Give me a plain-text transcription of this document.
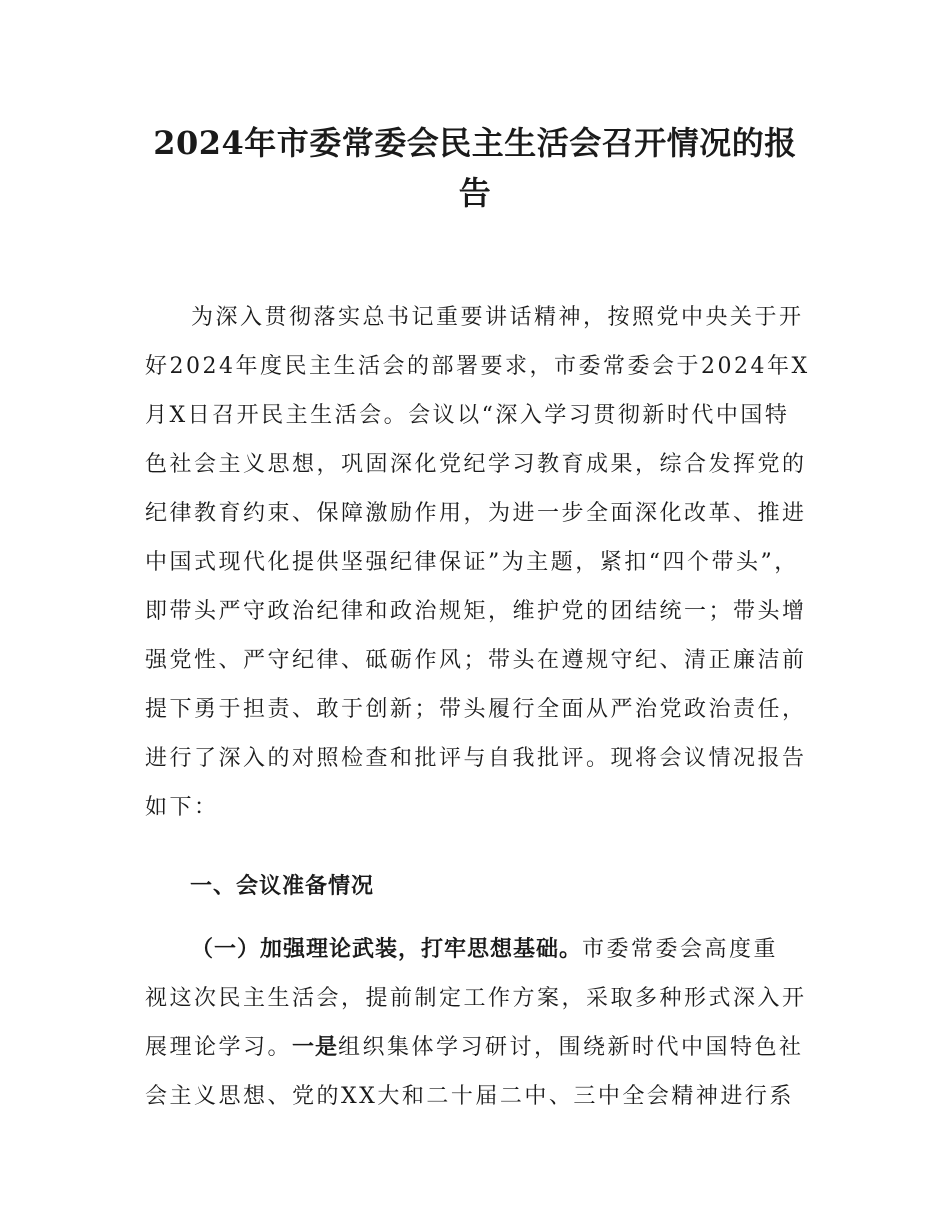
2024年市委常委会民主生活会召开情况的报
告
为深入贯彻落实总书记重要讲话精神，按照党中央关于开
好2024年度民主生活会的部署要求，市委常委会于2024年X
月X日召开民主生活会。会议以“深入学习贯彻新时代中国特
色社会主义思想，巩固深化党纪学习教育成果，综合发挥党的
纪律教育约束、保障激励作用，为进一步全面深化改革、推进
中国式现代化提供坚强纪律保证”为主题，紧扣“四个带头”，
即带头严守政治纪律和政治规矩，维护党的团结统一；带头增
强党性、严守纪律、砥砺作风；带头在遵规守纪、清正廉洁前
提下勇于担责、敢于创新；带头履行全面从严治党政治责任，
进行了深入的对照检查和批评与自我批评。现将会议情况报告
如下：
一、会议准备情况
（一）加强理论武装，打牢思想基础。市委常委会高度重
视这次民主生活会，提前制定工作方案，采取多种形式深入开
展理论学习。一是组织集体学习研讨，围绕新时代中国特色社
会主义思想、党的XX大和二十届二中、三中全会精神进行系
